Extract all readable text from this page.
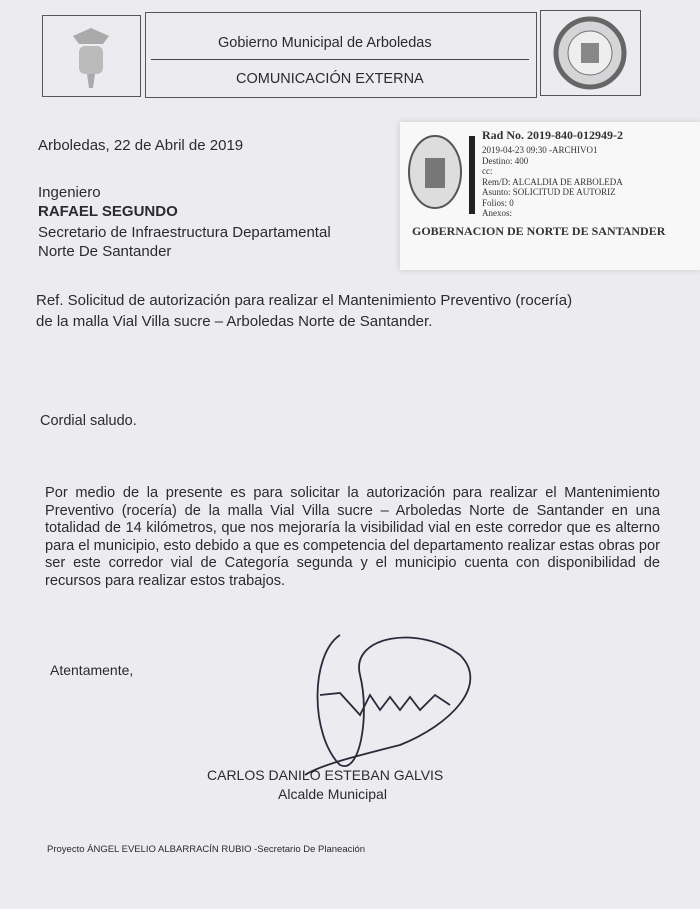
Gobierno Municipal de Arboledas
COMUNICACIÓN EXTERNA
Rad No. 2019-840-012949-2
2019-04-23 09:30 -ARCHIVO1
Destino: 400
cc:
Rem/D: ALCALDIA DE ARBOLEDA
Asunto: SOLICITUD DE AUTORIZ
Folios: 0
Anexos:
GOBERNACION DE NORTE DE SANTANDER
Arboledas, 22 de Abril de 2019
Ingeniero
RAFAEL SEGUNDO
Secretario de Infraestructura Departamental
Norte De Santander
Ref. Solicitud de autorización para realizar el Mantenimiento Preventivo (rocería)
de la malla Vial Villa sucre – Arboledas Norte de Santander.
Cordial saludo.
Por medio de la presente es para solicitar la autorización para realizar el Mantenimiento Preventivo (rocería) de la malla Vial Villa sucre – Arboledas Norte de Santander en una totalidad de 14 kilómetros, que nos mejoraría la visibilidad vial en este corredor que es alterno para el municipio, esto debido a que es competencia del departamento realizar estas obras por ser este corredor vial de Categoría segunda y el municipio cuenta con disponibilidad de recursos para realizar estos trabajos.
Atentamente,
CARLOS DANILO ESTEBAN GALVIS
Alcalde Municipal
Proyecto ÁNGEL EVELIO ALBARRACÍN RUBIO -Secretario De Planeación
